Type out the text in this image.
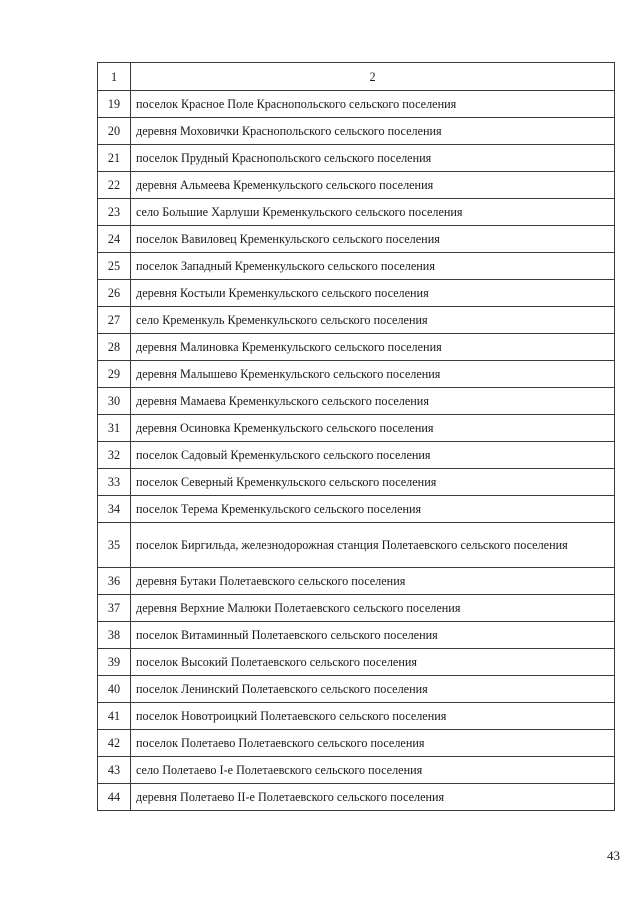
1	2
19	поселок Красное Поле Краснопольского сельского поселения
20	деревня Моховички Краснопольского сельского поселения
21	поселок Прудный Краснопольского сельского поселения
22	деревня Альмеева Кременкульского сельского поселения
23	село Большие Харлуши Кременкульского сельского поселения
24	поселок Вавиловец Кременкульского сельского поселения
25	поселок Западный Кременкульского сельского поселения
26	деревня Костыли Кременкульского сельского поселения
27	село Кременкуль Кременкульского сельского поселения
28	деревня Малиновка Кременкульского сельского поселения
29	деревня Малышево Кременкульского сельского поселения
30	деревня Мамаева Кременкульского сельского поселения
31	деревня Осиновка Кременкульского сельского поселения
32	поселок Садовый Кременкульского сельского поселения
33	поселок Северный Кременкульского сельского поселения
34	поселок Терема Кременкульского сельского поселения
35	поселок Биргильда, железнодорожная станция Полетаевского сельского поселения
36	деревня Бутаки Полетаевского сельского поселения
37	деревня Верхние Малюки Полетаевского сельского поселения
38	поселок Витаминный Полетаевского сельского поселения
39	поселок Высокий Полетаевского сельского поселения
40	поселок Ленинский Полетаевского сельского поселения
41	поселок Новотроицкий Полетаевского сельского поселения
42	поселок Полетаево Полетаевского сельского поселения
43	село Полетаево I-е Полетаевского сельского поселения
44	деревня Полетаево II-е Полетаевского сельского поселения
43
